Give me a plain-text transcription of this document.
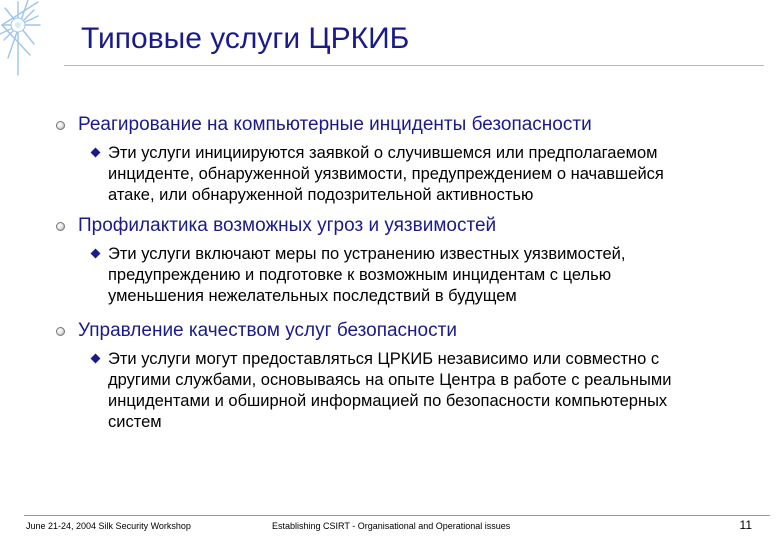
Типовые услуги ЦРКИБ
Реагирование на компьютерные инциденты безопасности
Эти услуги инициируются заявкой о случившемся или предполагаемом
инциденте, обнаруженной уязвимости, предупреждением о начавшейся
атаке, или обнаруженной подозрительной активностью
Профилактика возможных угроз и уязвимостей
Эти услуги включают меры по устранению известных уязвимостей,
предупреждению и подготовке к возможным инцидентам с целью
уменьшения нежелательных последствий в будущем
Управление качеством услуг безопасности
Эти услуги могут предоставляться ЦРКИБ независимо или совместно с
другими службами, основываясь на опыте Центра в работе с реальными
инцидентами и обширной информацией по безопасности компьютерных
систем
June 21-24, 2004 Silk Security Workshop	Establishing CSIRT - Organisational and Operational issues	11
